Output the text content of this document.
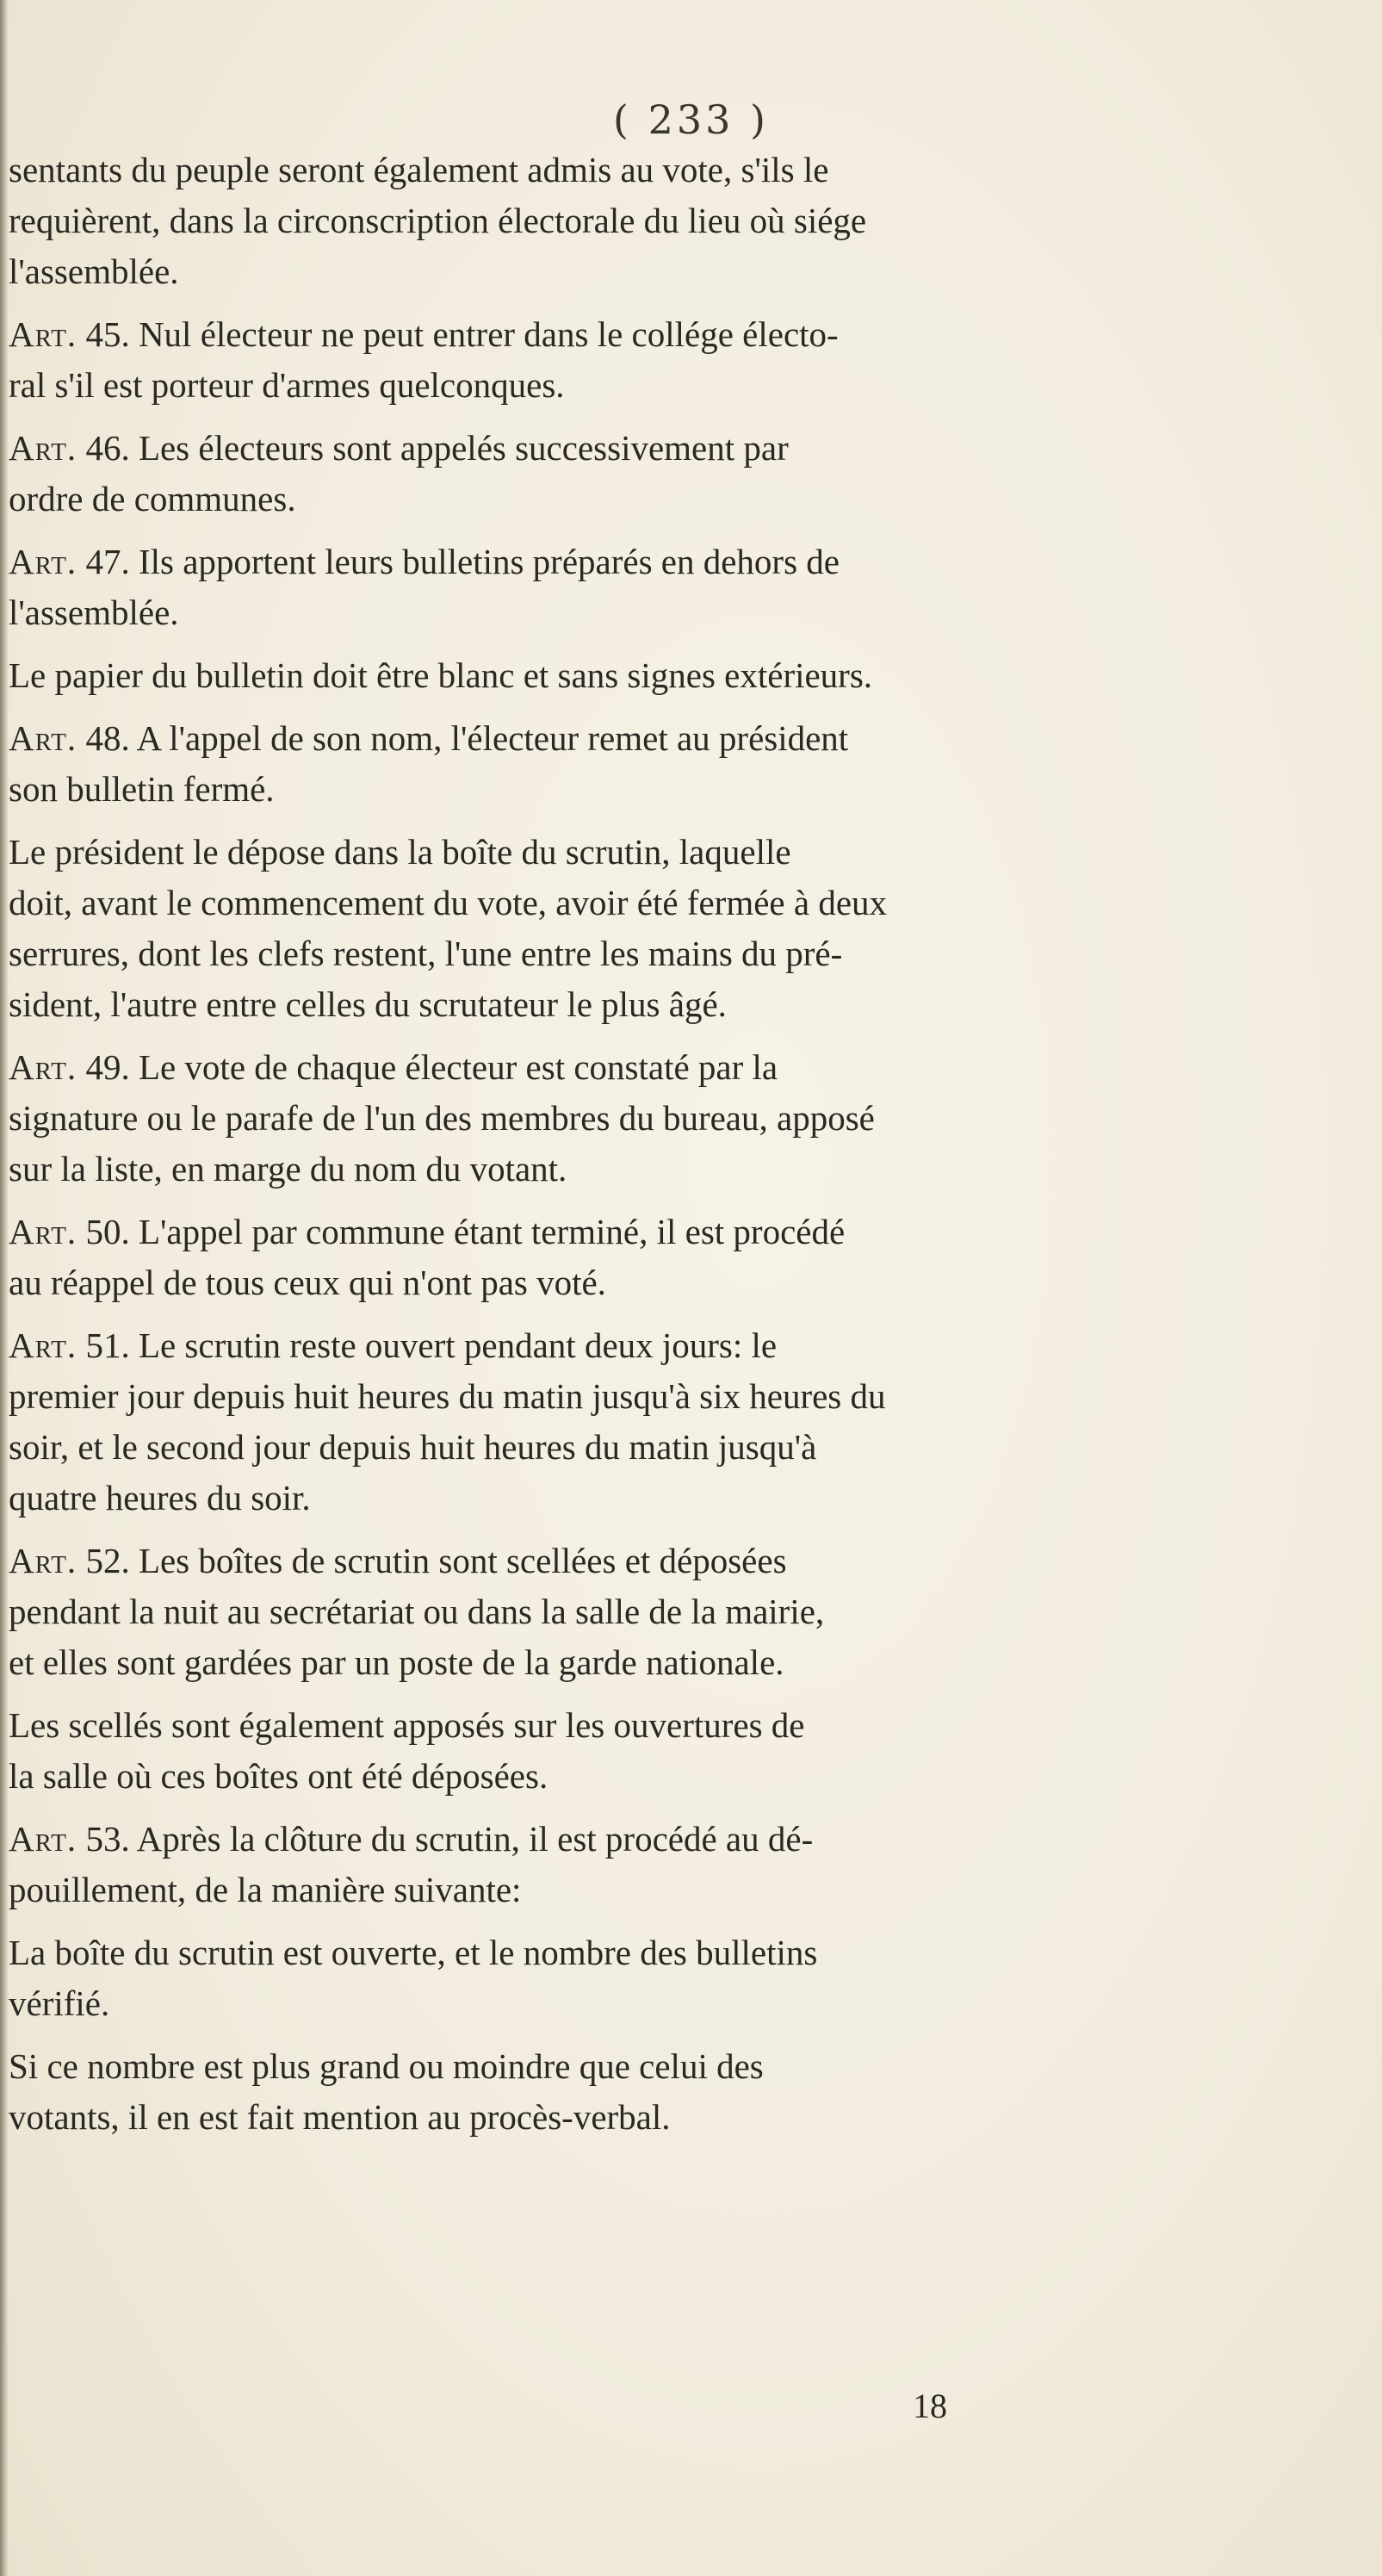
( 233 )

sentants du peuple seront également admis au vote, s'ils le
requièrent, dans la circonscription électorale du lieu où siége
l'assemblée.

Art. 45. Nul électeur ne peut entrer dans le collége électo-
ral s'il est porteur d'armes quelconques.

Art. 46. Les électeurs sont appelés successivement par
ordre de communes.

Art. 47. Ils apportent leurs bulletins préparés en dehors de
l'assemblée.

Le papier du bulletin doit être blanc et sans signes extérieurs.

Art. 48. A l'appel de son nom, l'électeur remet au président
son bulletin fermé.

Le président le dépose dans la boîte du scrutin, laquelle
doit, avant le commencement du vote, avoir été fermée à deux
serrures, dont les clefs restent, l'une entre les mains du pré-
sident, l'autre entre celles du scrutateur le plus âgé.

Art. 49. Le vote de chaque électeur est constaté par la
signature ou le parafe de l'un des membres du bureau, apposé
sur la liste, en marge du nom du votant.

Art. 50. L'appel par commune étant terminé, il est procédé
au réappel de tous ceux qui n'ont pas voté.

Art. 51. Le scrutin reste ouvert pendant deux jours: le
premier jour depuis huit heures du matin jusqu'à six heures du
soir, et le second jour depuis huit heures du matin jusqu'à
quatre heures du soir.

Art. 52. Les boîtes de scrutin sont scellées et déposées
pendant la nuit au secrétariat ou dans la salle de la mairie,
et elles sont gardées par un poste de la garde nationale.

Les scellés sont également apposés sur les ouvertures de
la salle où ces boîtes ont été déposées.

Art. 53. Après la clôture du scrutin, il est procédé au dé-
pouillement, de la manière suivante:

La boîte du scrutin est ouverte, et le nombre des bulletins
vérifié.

Si ce nombre est plus grand ou moindre que celui des
votants, il en est fait mention au procès-verbal.

18
